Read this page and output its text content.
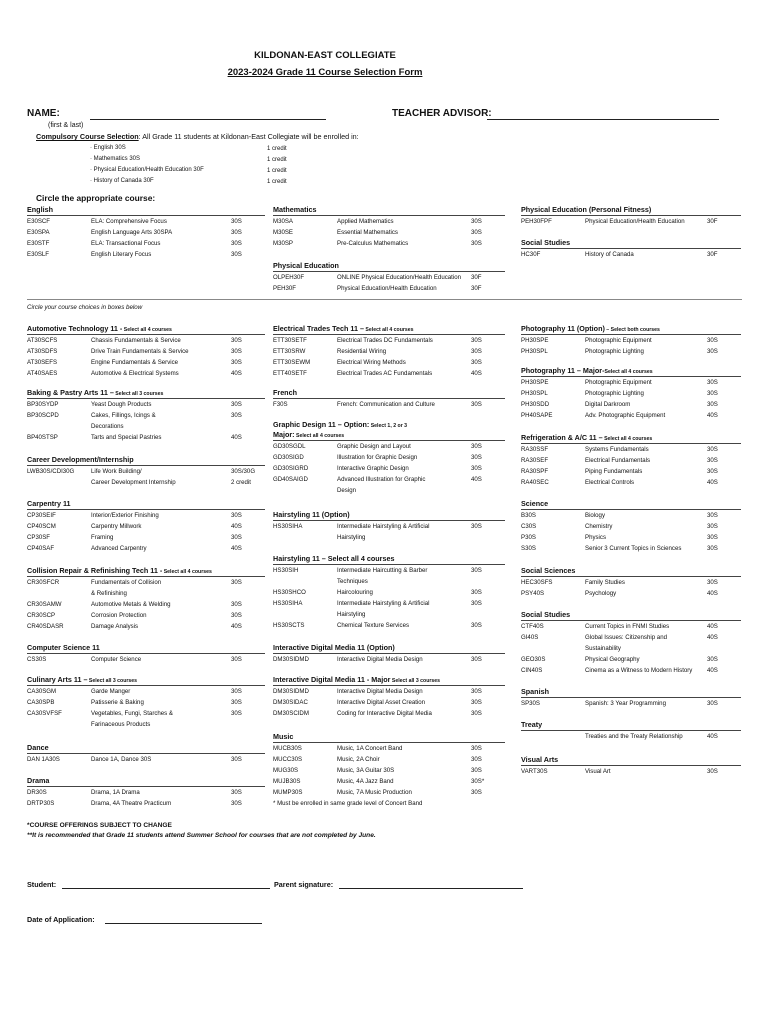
KILDONAN-EAST COLLEGIATE
2023-2024 Grade 11 Course Selection Form
NAME:	TEACHER ADVISOR:
(first & last)
Compulsory Course Selection: All Grade 11 students at Kildonan-East Collegiate will be enrolled in:
· English 30S
· Mathematics 30S
· Physical Education/Health Education 30F
· History of Canada 30F
1 credit
1 credit
1 credit
1 credit
Circle the appropriate course:
English
E30SCF	ELA: Comprehensive Focus	30S
E30SPA	English Language Arts 30SPA	30S
E30STF	ELA: Transactional Focus	30S
E30SLF	English Literary Focus	30S
Mathematics
M30SA	Applied Mathematics	30S
M30SE	Essential Mathematics	30S
M30SP	Pre-Calculus Mathematics	30S
Physical Education
OLPEH30F	ONLINE Physical Education/Health Education	30F
PEH30F	Physical Education/Health Education	30F
Physical Education (Personal Fitness)
PEH30FPF	Physical Education/Health Education	30F
Social Studies
HC30F	History of Canada	30F
Circle your course choices in boxes below
Automotive Technology 11 - Select all 4 courses
AT30SCFS	Chassis Fundamentals & Service	30S
AT30SDFS	Drive Train Fundamentals & Service	30S
AT30SEFS	Engine Fundamentals & Service	30S
AT40SAES	Automotive & Electrical Systems	40S
Baking & Pastry Arts 11 – Select all 3 courses
BP30SYDP	Yeast Dough Products	30S
BP30SCPD	Cakes, Fillings, Icings &	30S
Decorations
BP40STSP	Tarts and Special Pastries	40S
Career Development/Internship
LWB30S/CDI30G	Life Work Building/	30S/30G
Career Development Internship	2 credit
Carpentry 11
CP30SEIF	Interior/Exterior Finishing	30S
CP40SCM	Carpentry Millwork	40S
CP30SF	Framing	30S
CP40SAF	Advanced Carpentry	40S
Collision Repair & Refinishing Tech 11 - Select all 4 courses
CR30SFCR	Fundamentals of Collision	30S
& Refinishing
CR30SAMW	Automotive Metals & Welding	30S
CR30SCP	Corrosion Protection	30S
CR40SDASR	Damage Analysis	40S
Computer Science 11
CS30S	Computer Science	30S
Culinary Arts 11 – Select all 3 courses
CA30SGM	Garde Manger	30S
CA30SPB	Patisserie & Baking	30S
CA30SVFSF	Vegetables, Fungi, Starches &	30S
Farinaceous Products
Dance
DAN 1A30S	Dance 1A, Dance 30S	30S
Drama
DR30S	Drama, 1A Drama	30S
DRTP30S	Drama, 4A Theatre Practicum	30S
Electrical Trades Tech 11 – Select all 4 courses
ETT30SETF	Electrical Trades DC Fundamentals	30S
ETT30SRW	Residential Wiring	30S
ETT30SEWM	Electrical Wiring Methods	30S
ETT40SETF	Electrical Trades AC Fundamentals	40S
French
F30S	French: Communication and Culture	30S
Graphic Design 11 – Option: Select 1, 2 or 3
Major: Select all 4 courses
GD30SGDL	Graphic Design and Layout	30S
GD30SIGD	Illustration for Graphic Design	30S
GD30SIGRD	Interactive Graphic Design	30S
GD40SAIGD	Advanced Illustration for Graphic	40S
Design
Hairstyling 11 (Option)
HS30SIHA	Intermediate Hairstyling & Artificial	30S
Hairstyling
Hairstyling 11 – Select all 4 courses
HS30SIH	Intermediate Haircutting & Barber	30S
Techniques
HS30SHCO	Haircolouring	30S
HS30SIHA	Intermediate Hairstyling & Artificial	30S
Hairstyling
HS30SCTS	Chemical Texture Services	30S
Interactive Digital Media 11 (Option)
DM30SIDMD	Interactive Digital Media Design	30S
Interactive Digital Media 11 - Major Select all 3 courses
DM30SIDMD	Interactive Digital Media Design	30S
DM30SIDAC	Interactive Digital Asset Creation	30S
DM30SCIDM	Coding for Interactive Digital Media	30S
Music
MUCB30S	Music, 1A Concert Band	30S
MUCC30S	Music, 2A Choir	30S
MUG30S	Music, 3A Guitar 30S	30S
MUJB30S	Music, 4A Jazz Band	30S*
MUMP30S	Music, 7A Music Production	30S
* Must be enrolled in same grade level of Concert Band
Photography 11 (Option) – Select both courses
PH30SPE	Photographic Equipment	30S
PH30SPL	Photographic Lighting	30S
Photography 11 – Major-Select all 4 courses
PH30SPE	Photographic Equipment	30S
PH30SPL	Photographic Lighting	30S
PH30SDD	Digital Darkroom	30S
PH40SAPE	Adv. Photographic Equipment	40S
Refrigeration & A/C 11 – Select all 4 courses
RA30SSF	Systems Fundamentals	30S
RA30SEF	Electrical Fundamentals	30S
RA30SPF	Piping Fundamentals	30S
RA40SEC	Electrical Controls	40S
Science
B30S	Biology	30S
C30S	Chemistry	30S
P30S	Physics	30S
S30S	Senior 3 Current Topics in Sciences	30S
Social Sciences
HEC30SFS	Family Studies	30S
PSY40S	Psychology	40S
Social Studies
CTF40S	Current Topics in FNMI Studies	40S
GI40S	Global Issues: Citizenship and	40S
Sustainability
GEO30S	Physical Geography	30S
CIN40S	Cinema as a Witness to Modern History	40S
Spanish
SP30S	Spanish: 3 Year Programming	30S
Treaty
Treaties and the Treaty Relationship	40S
Visual Arts
VART30S	Visual Art	30S
*COURSE OFFERINGS SUBJECT TO CHANGE
**It is recommended that Grade 11 students attend Summer School for courses that are not completed by June.
Student:	Parent signature:
Date of Application:
